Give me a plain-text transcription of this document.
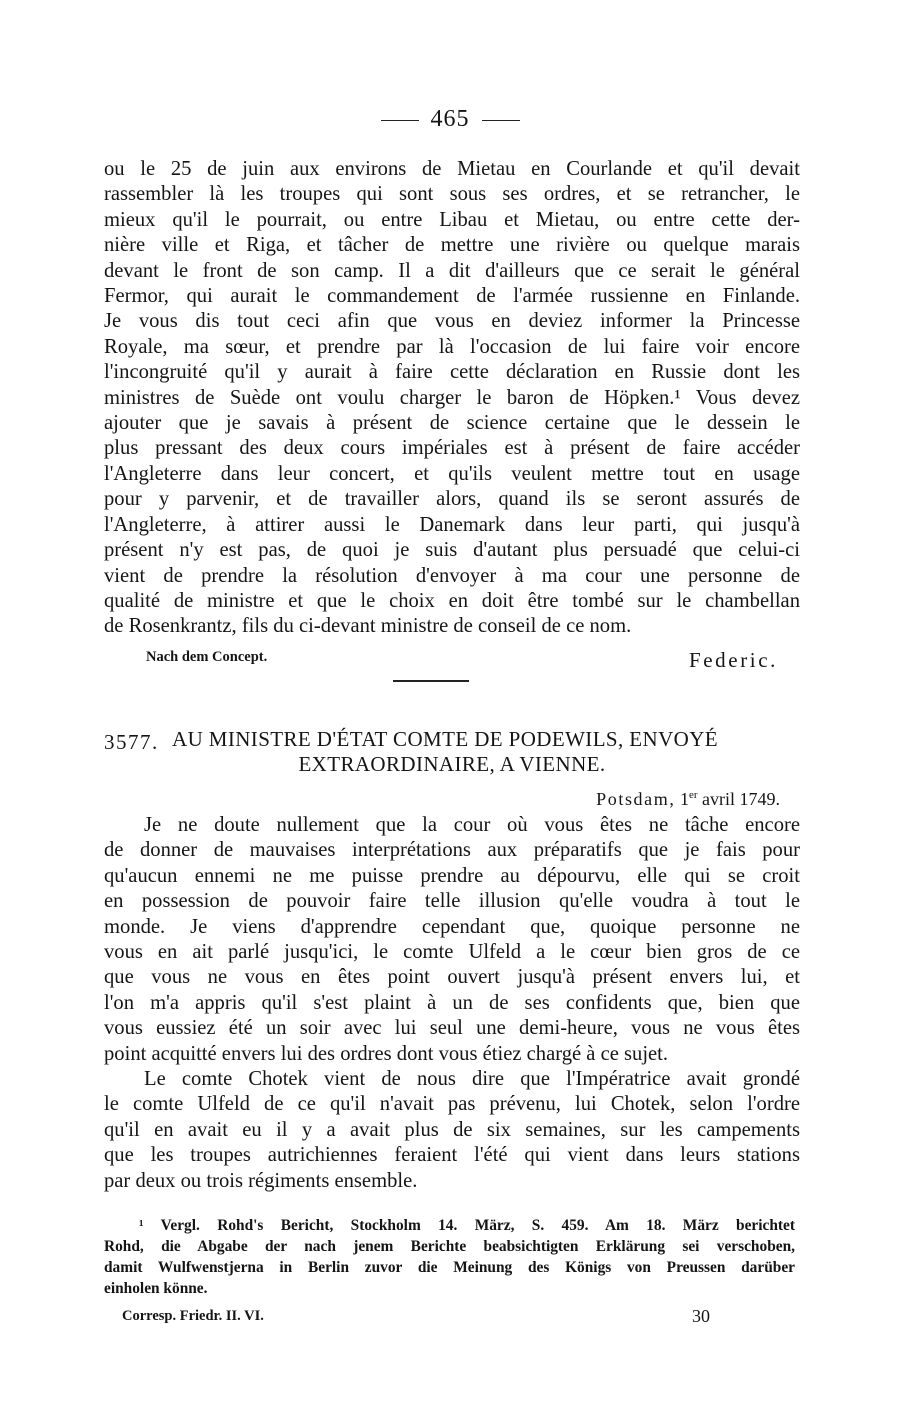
465
ou le 25 de juin aux environs de Mietau en Courlande et qu'il devait
rassembler là les troupes qui sont sous ses ordres, et se retrancher, le
mieux qu'il le pourrait, ou entre Libau et Mietau, ou entre cette der-
nière ville et Riga, et tâcher de mettre une rivière ou quelque marais
devant le front de son camp. Il a dit d'ailleurs que ce serait le général
Fermor, qui aurait le commandement de l'armée russienne en Finlande.
Je vous dis tout ceci afin que vous en deviez informer la Princesse
Royale, ma sœur, et prendre par là l'occasion de lui faire voir encore
l'incongruité qu'il y aurait à faire cette déclaration en Russie dont les
ministres de Suède ont voulu charger le baron de Höpken.¹ Vous devez
ajouter que je savais à présent de science certaine que le dessein le
plus pressant des deux cours impériales est à présent de faire accéder
l'Angleterre dans leur concert, et qu'ils veulent mettre tout en usage
pour y parvenir, et de travailler alors, quand ils se seront assurés de
l'Angleterre, à attirer aussi le Danemark dans leur parti, qui jusqu'à
présent n'y est pas, de quoi je suis d'autant plus persuadé que celui-ci
vient de prendre la résolution d'envoyer à ma cour une personne de
qualité de ministre et que le choix en doit être tombé sur le chambellan
de Rosenkrantz, fils du ci-devant ministre de conseil de ce nom.
Nach dem Concept.	Federic.
3577. AU MINISTRE D'ÉTAT COMTE DE PODEWILS, ENVOYÉ
EXTRAORDINAIRE, A VIENNE.
Potsdam, 1er avril 1749.
Je ne doute nullement que la cour où vous êtes ne tâche encore
de donner de mauvaises interprétations aux préparatifs que je fais pour
qu'aucun ennemi ne me puisse prendre au dépourvu, elle qui se croit
en possession de pouvoir faire telle illusion qu'elle voudra à tout le
monde. Je viens d'apprendre cependant que, quoique personne ne
vous en ait parlé jusqu'ici, le comte Ulfeld a le cœur bien gros de ce
que vous ne vous en êtes point ouvert jusqu'à présent envers lui, et
l'on m'a appris qu'il s'est plaint à un de ses confidents que, bien que
vous eussiez été un soir avec lui seul une demi-heure, vous ne vous êtes
point acquitté envers lui des ordres dont vous étiez chargé à ce sujet.
Le comte Chotek vient de nous dire que l'Impératrice avait grondé
le comte Ulfeld de ce qu'il n'avait pas prévenu, lui Chotek, selon l'ordre
qu'il en avait eu il y a avait plus de six semaines, sur les campements
que les troupes autrichiennes feraient l'été qui vient dans leurs stations
par deux ou trois régiments ensemble.
¹ Vergl. Rohd's Bericht, Stockholm 14. März, S. 459. Am 18. März berichtet
Rohd, die Abgabe der nach jenem Berichte beabsichtigten Erklärung sei verschoben,
damit Wulfwenstjerna in Berlin zuvor die Meinung des Königs von Preussen darüber
einholen könne.
Corresp. Friedr. II. VI.	30
